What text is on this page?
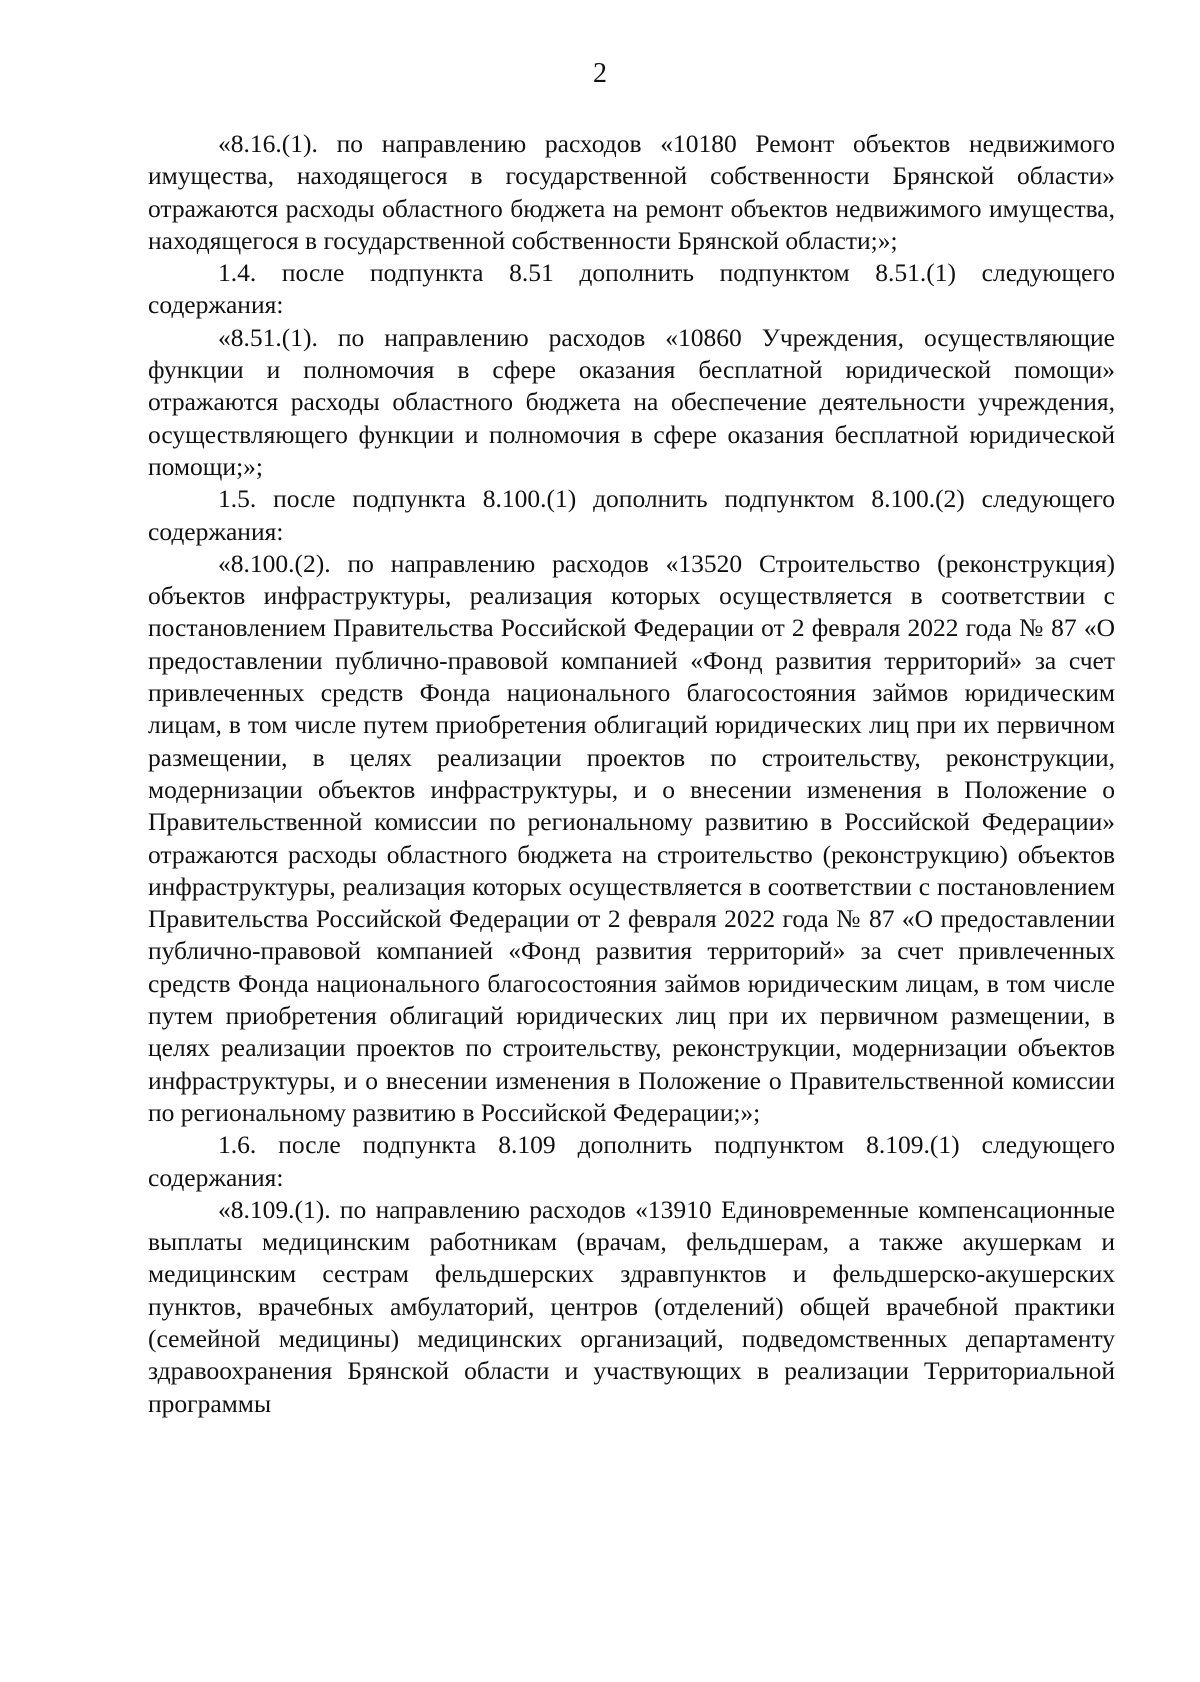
2

«8.16.(1). по направлению расходов «10180 Ремонт объектов недвижимого имущества, находящегося в государственной собственности Брянской области» отражаются расходы областного бюджета на ремонт объектов недвижимого имущества, находящегося в государственной собственности Брянской области;»;

1.4. после подпункта 8.51 дополнить подпунктом 8.51.(1) следующего содержания:

«8.51.(1). по направлению расходов «10860 Учреждения, осуществляющие функции и полномочия в сфере оказания бесплатной юридической помощи» отражаются расходы областного бюджета на обеспечение деятельности учреждения, осуществляющего функции и полномочия в сфере оказания бесплатной юридической помощи;»;

1.5. после подпункта 8.100.(1) дополнить подпунктом 8.100.(2) следующего содержания:

«8.100.(2). по направлению расходов «13520 Строительство (реконструкция) объектов инфраструктуры, реализация которых осуществляется в соответствии с постановлением Правительства Российской Федерации от 2 февраля 2022 года № 87 «О предоставлении публично-правовой компанией «Фонд развития территорий» за счет привлеченных средств Фонда национального благосостояния займов юридическим лицам, в том числе путем приобретения облигаций юридических лиц при их первичном размещении, в целях реализации проектов по строительству, реконструкции, модернизации объектов инфраструктуры, и о внесении изменения в Положение о Правительственной комиссии по региональному развитию в Российской Федерации» отражаются расходы областного бюджета на строительство (реконструкцию) объектов инфраструктуры, реализация которых осуществляется в соответствии с постановлением Правительства Российской Федерации от 2 февраля 2022 года № 87 «О предоставлении публично-правовой компанией «Фонд развития территорий» за счет привлеченных средств Фонда национального благосостояния займов юридическим лицам, в том числе путем приобретения облигаций юридических лиц при их первичном размещении, в целях реализации проектов по строительству, реконструкции, модернизации объектов инфраструктуры, и о внесении изменения в Положение о Правительственной комиссии по региональному развитию в Российской Федерации;»;

1.6. после подпункта 8.109 дополнить подпунктом 8.109.(1) следующего содержания:

«8.109.(1). по направлению расходов «13910 Единовременные компенсационные выплаты медицинским работникам (врачам, фельдшерам, а также акушеркам и медицинским сестрам фельдшерских здравпунктов и фельдшерско-акушерских пунктов, врачебных амбулаторий, центров (отделений) общей врачебной практики (семейной медицины) медицинских организаций, подведомственных департаменту здравоохранения Брянской области и участвующих в реализации Территориальной программы
